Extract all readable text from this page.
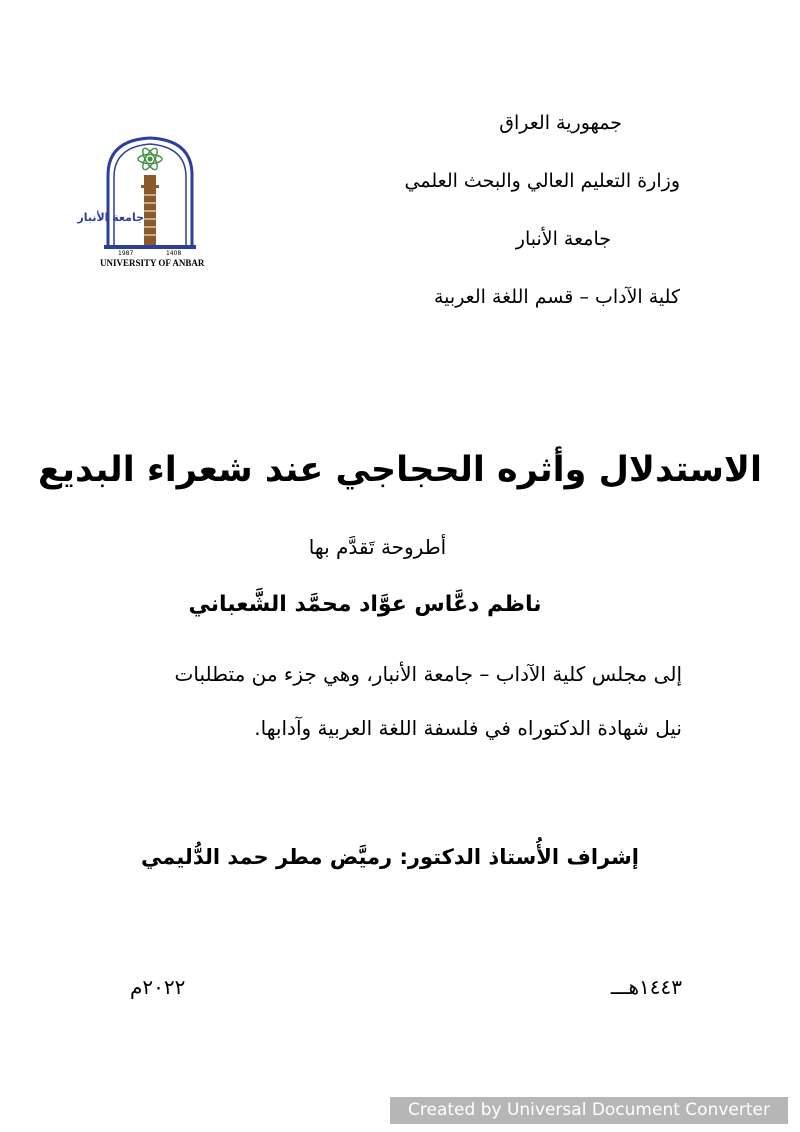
جمهورية العراق
وزارة التعليم العالي والبحث العلمي
جامعة الأنبار
كلية الآداب – قسم اللغة العربية
جامعة الأنبار
1987	1408
UNIVERSITY OF ANBAR
الاستدلال وأثره الحجاجي عند شعراء البديع
أطروحة تَقدَّم بها
ناظم دعَّاس عوَّاد محمَّد الشَّعباني
إلى مجلس كلية الآداب – جامعة الأنبار، وهي جزء من متطلبات
نيل شهادة الدكتوراه في فلسفة اللغة العربية وآدابها.
إشراف الأُستاذ الدكتور: رميَّض مطر حمد الدُّليمي
١٤٤٣هـــ
٢٠٢٢م
Created by Universal Document Converter
